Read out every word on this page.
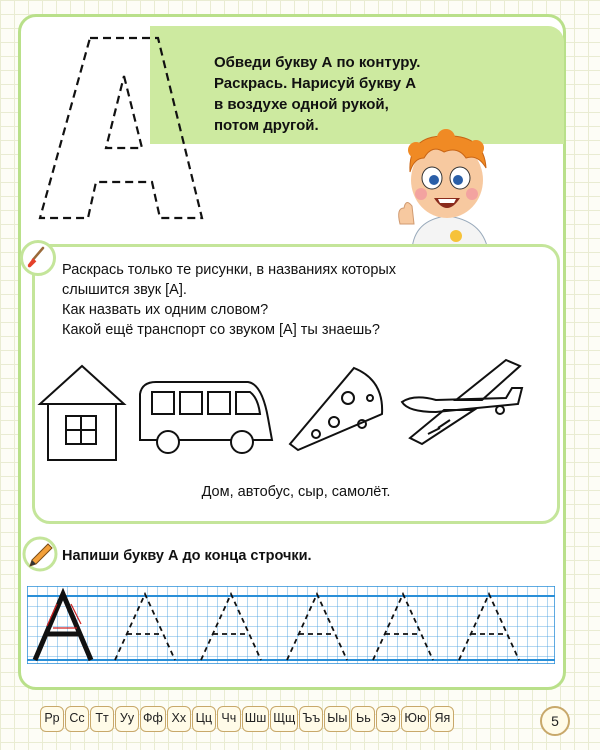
Обведи букву А по контуру.
Раскрась. Нарисуй букву А
в воздухе одной рукой,
потом другой.
Раскрась только те рисунки, в названиях которых
слышится звук [А].
Как назвать их одним словом?
Какой ещё транспорт со звуком [А] ты знаешь?
Дом, автобус, сыр, самолёт.
Напиши букву А до конца строчки.
Рр Сс Тт Уу Фф Хх Цц Чч Шш Щщ Ъъ Ыы Ьь Ээ Юю Яя	5
